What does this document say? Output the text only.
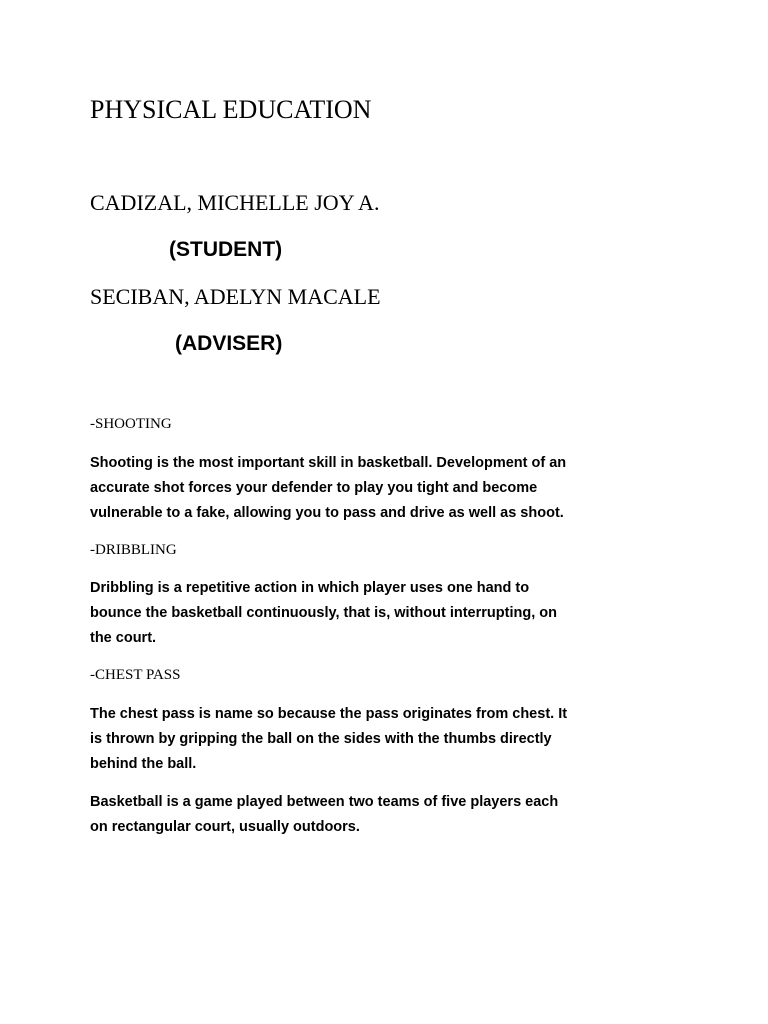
PHYSICAL EDUCATION
CADIZAL, MICHELLE JOY A.
(STUDENT)
SECIBAN, ADELYN MACALE
(ADVISER)
-SHOOTING

Shooting is the most important skill in basketball. Development of an
accurate shot forces your defender to play you tight and become
vulnerable to a fake, allowing you to pass and drive as well as shoot.

-DRIBBLING

Dribbling is a repetitive action in which player uses one hand to
bounce the basketball continuously, that is, without interrupting, on
the court.

-CHEST PASS

The chest pass is name so because the pass originates from chest. It
is thrown by gripping the ball on the sides with the thumbs directly
behind the ball.

Basketball is a game played between two teams of five players each
on rectangular court, usually outdoors.
